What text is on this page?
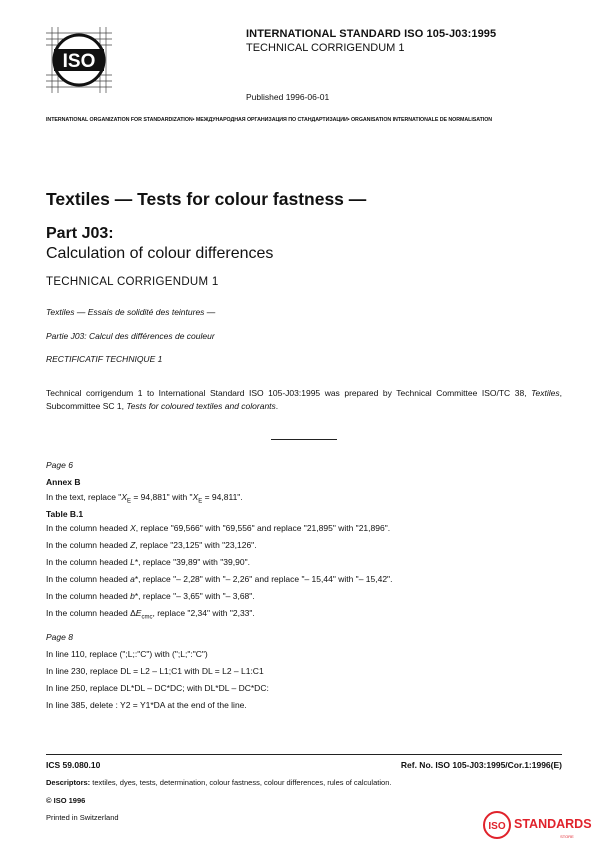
ISO
INTERNATIONAL STANDARD ISO 105-J03:1995
TECHNICAL CORRIGENDUM 1
Published 1996-06-01
INTERNATIONAL ORGANIZATION FOR STANDARDIZATION• МЕЖДУНАРОДНАЯ ОРГАНИЗАЦИЯ ПО СТАНДАРТИЗАЦИИ• ORGANISATION INTERNATIONALE DE NORMALISATION
Textiles — Tests for colour fastness —
Part J03:
Calculation of colour differences
TECHNICAL CORRIGENDUM 1
Textiles — Essais de solidité des teintures —
Partie J03: Calcul des différences de couleur
RECTIFICATIF TECHNIQUE 1
Technical corrigendum 1 to International Standard ISO 105-J03:1995 was prepared by Technical Committee ISO/TC 38, Textiles, Subcommittee SC 1, Tests for coloured textiles and colorants.
Page 6
Annex B
In the text, replace "$X_E = 94,881$" with "$X_E = 94,811$".
Table B.1
In the column headed X, replace "69,566" with "69,556" and replace "21,895" with "21,896".
In the column headed Z, replace "23,125" with "23,126".
In the column headed L*, replace "39,89" with "39,90".
In the column headed a*, replace "– 2,28" with "– 2,26" and replace "– 15,44" with "– 15,42".
In the column headed b*, replace "– 3,65" with "– 3,68".
In the column headed $\Delta E_{cmc}$, replace "2,34" with "2,33".
Page 8
In line 110, replace (";L;:"C") with (";L;":"C")
In line 230, replace DL = L2 – L1;C1 with DL = L2 – L1:C1
In line 250, replace DL*DL – DC*DC; with DL*DL – DC*DC:
In line 385, delete : Y2 = Y1*DA at the end of the line.
ICS 59.080.10	Ref. No. ISO 105-J03:1995/Cor.1:1996(E)
Descriptors: textiles, dyes, tests, determination, colour fastness, colour differences, rules of calculation.
© ISO 1996
Printed in Switzerland
ISO STANDARDS
STORE
